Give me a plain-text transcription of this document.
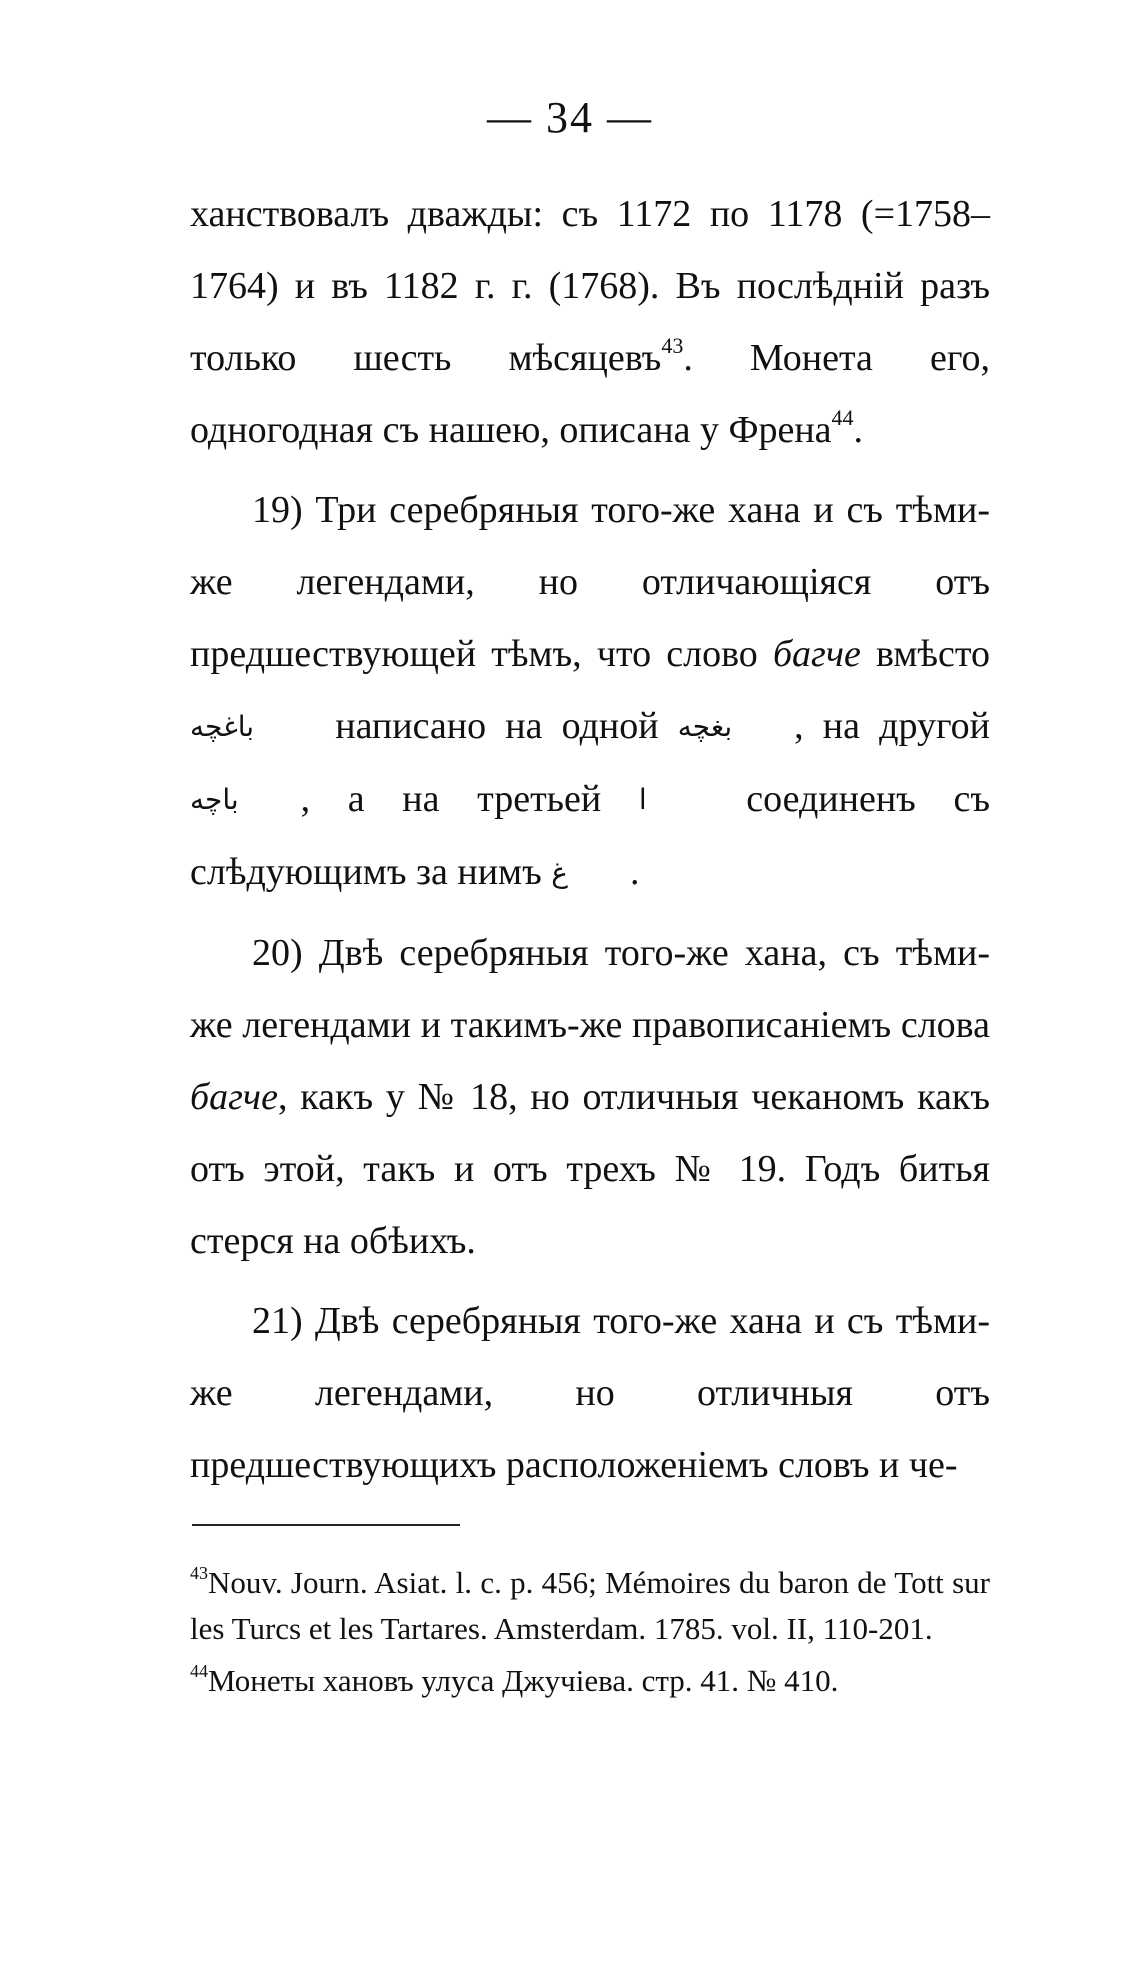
— 34 —

ханствовалъ дважды: съ 1172 по 1178 (=1758–1764) и въ 1182 г. г. (1768). Въ послѣднiй разъ только шесть мѣсяцевъ$^{43}$. Монета его, одногодная съ нашею, описана у Френа$^{44}$.

19) Три серебряныя того-же хана и съ тѣми-же легендами, но отличающiяся отъ предшествующей тѣмъ, что слово багче вмѣсто باغچه написано на одной بغچه , на другой باچه , а на третьей ا соединенъ съ слѣдующимъ за нимъ غ .

20) Двѣ серебряныя того-же хана, съ тѣми-же легендами и такимъ-же правописанiемъ слова багче, какъ у № 18, но отличныя чеканомъ какъ отъ этой, такъ и отъ трехъ № 19. Годъ битья стерся на обѣихъ.

21) Двѣ серебряныя того-же хана и съ тѣми-же легендами, но отличныя отъ предшествующихъ расположенiемъ словъ и че-

$^{43}$Nouv. Journ. Asiat. l. c. p. 456; Mémoires du baron de Tott sur les Turcs et les Tartares. Amsterdam. 1785. vol. II, 110-201.

$^{44}$Монеты хановъ улуса Джучiева. стр. 41. № 410.
